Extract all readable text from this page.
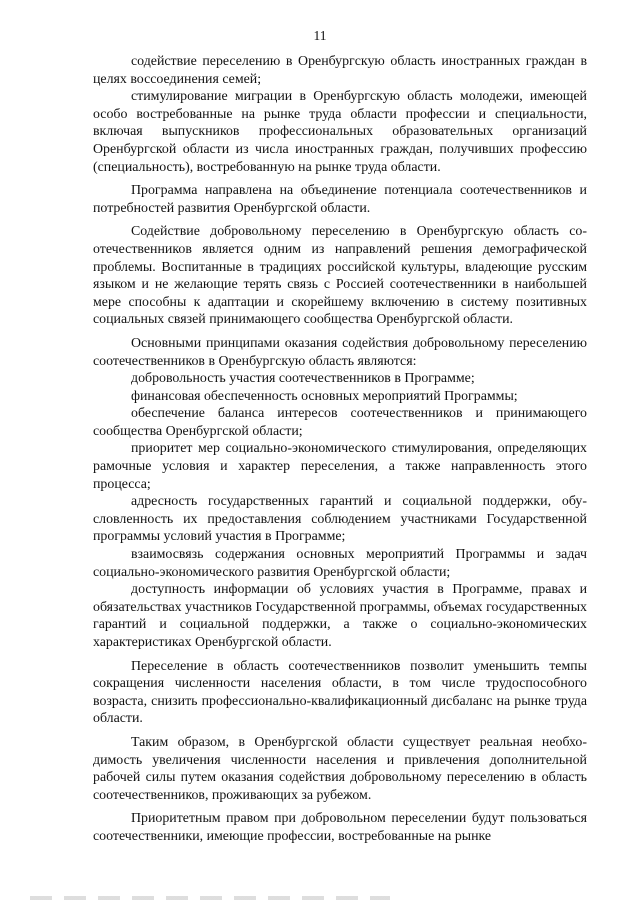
11

содействие переселению в Оренбургскую область иностранных граждан в целях воссоединения семей;

стимулирование миграции в Оренбургскую область молодежи, имеющей особо востребованные на рынке труда области профессии и специальности, включая выпускников профессиональных образовательных организаций Оренбургской области из числа иностранных граждан, получивших профессию (специальность), востребованную на рынке труда области.

Программа направлена на объединение потенциала соотечественников и потребностей развития Оренбургской области.

Содействие добровольному переселению в Оренбургскую область соотечественников является одним из направлений решения демографической проблемы. Воспитанные в традициях российской культуры, владеющие русским языком и не желающие терять связь с Россией соотечественники в наибольшей мере способны к адаптации и скорейшему включению в систему позитивных социальных связей принимающего сообщества Оренбургской области.

Основными принципами оказания содействия добровольному переселению соотечественников в Оренбургскую область являются:

добровольность участия соотечественников в Программе;

финансовая обеспеченность основных мероприятий Программы;

обеспечение баланса интересов соотечественников и принимающего сообщества Оренбургской области;

приоритет мер социально-экономического стимулирования, определяющих рамочные условия и характер переселения, а также направленность этого процесса;

адресность государственных гарантий и социальной поддержки, обусловленность их предоставления соблюдением участниками Государственной программы условий участия в Программе;

взаимосвязь содержания основных мероприятий Программы и задач социально-экономического развития Оренбургской области;

доступность информации об условиях участия в Программе, правах и обязательствах участников Государственной программы, объемах государственных гарантий и социальной поддержки, а также о социально-экономических характеристиках Оренбургской области.

Переселение в область соотечественников позволит уменьшить темпы сокращения численности населения области, в том числе трудоспособного возраста, снизить профессионально-квалификационный дисбаланс на рынке труда области.

Таким образом, в Оренбургской области существует реальная необходимость увеличения численности населения и привлечения дополнительной рабочей силы путем оказания содействия добровольному переселению в область соотечественников, проживающих за рубежом.

Приоритетным правом при добровольном переселении будут пользоваться соотечественники, имеющие профессии, востребованные на рынке
